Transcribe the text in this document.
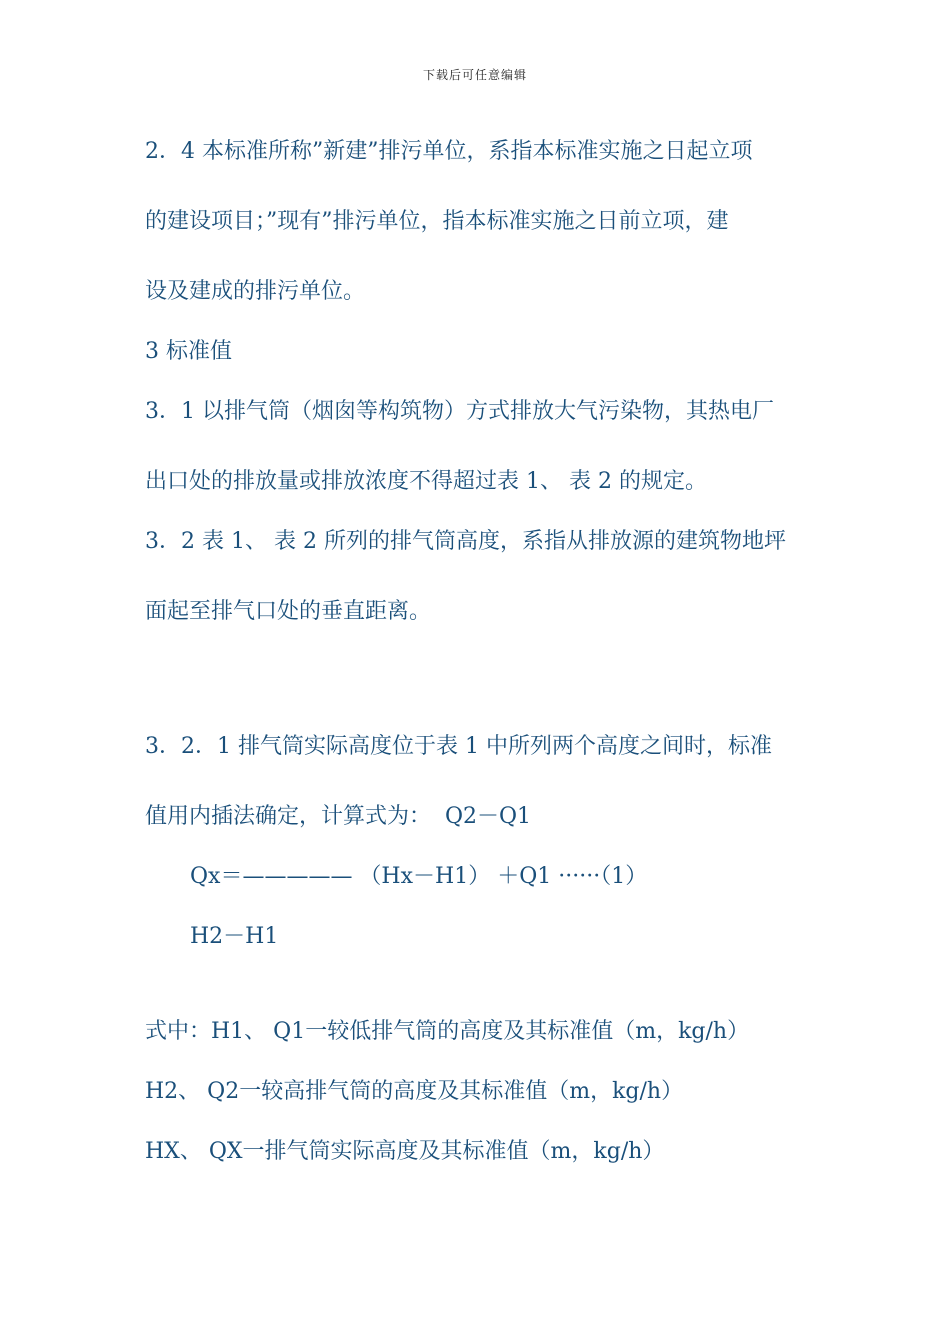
下载后可任意编辑
2．4 本标准所称”新建”排污单位，系指本标准实施之日起立项
的建设项目；”现有”排污单位，指本标准实施之日前立项，建
设及建成的排污单位。
3 标准值
3．1 以排气筒（烟囱等构筑物）方式排放大气污染物，其热电厂
出口处的排放量或排放浓度不得超过表 1、 表 2 的规定。
3．2 表 1、 表 2 所列的排气筒高度，系指从排放源的建筑物地坪
面起至排气口处的垂直距离。
3．2．1 排气筒实际高度位于表 1 中所列两个高度之间时，标准
值用内插法确定，计算式为：  Q2－Q1
Qx＝————— （Hx－H1） ＋Q1 ······（1）
H2－H1
式中：H1、 Q1一较低排气筒的高度及其标准值（m，kg/h）
H2、 Q2一较高排气筒的高度及其标准值（m，kg/h）
HX、 QX一排气筒实际高度及其标准值（m，kg/h）
